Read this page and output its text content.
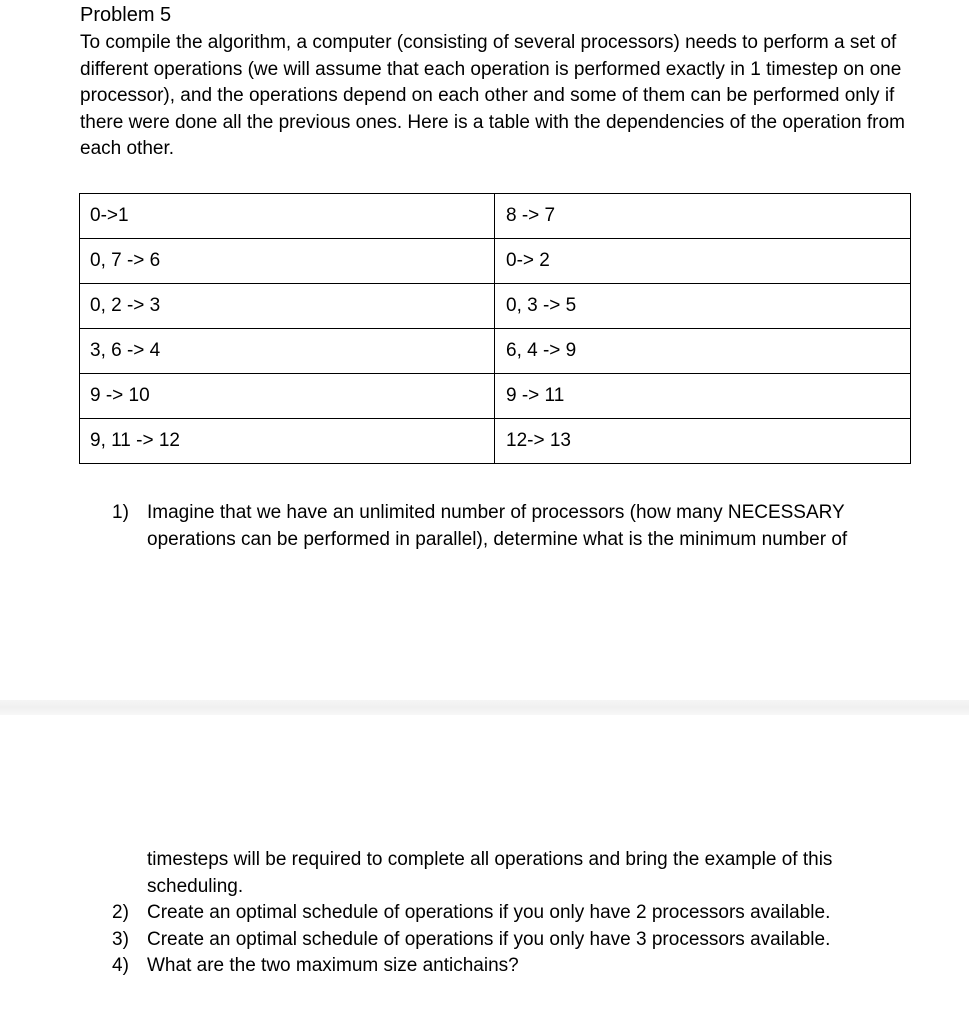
Problem 5
To compile the algorithm, a computer (consisting of several processors) needs to perform a set of different operations (we will assume that each operation is performed exactly in 1 timestep on one processor), and the operations depend on each other and some of them can be performed only if there were done all the previous ones. Here is a table with the dependencies of the operation from each other.
0->1	8 -> 7
0, 7 -> 6	0-> 2
0, 2 -> 3	0, 3 -> 5
3, 6 -> 4	6, 4 -> 9
9 -> 10	9 -> 11
9, 11 -> 12	12-> 13
1) Imagine that we have an unlimited number of processors (how many NECESSARY operations can be performed in parallel), determine what is the minimum number of
timesteps will be required to complete all operations and bring the example of this scheduling.
2) Create an optimal schedule of operations if you only have 2 processors available.
3) Create an optimal schedule of operations if you only have 3 processors available.
4) What are the two maximum size antichains?
